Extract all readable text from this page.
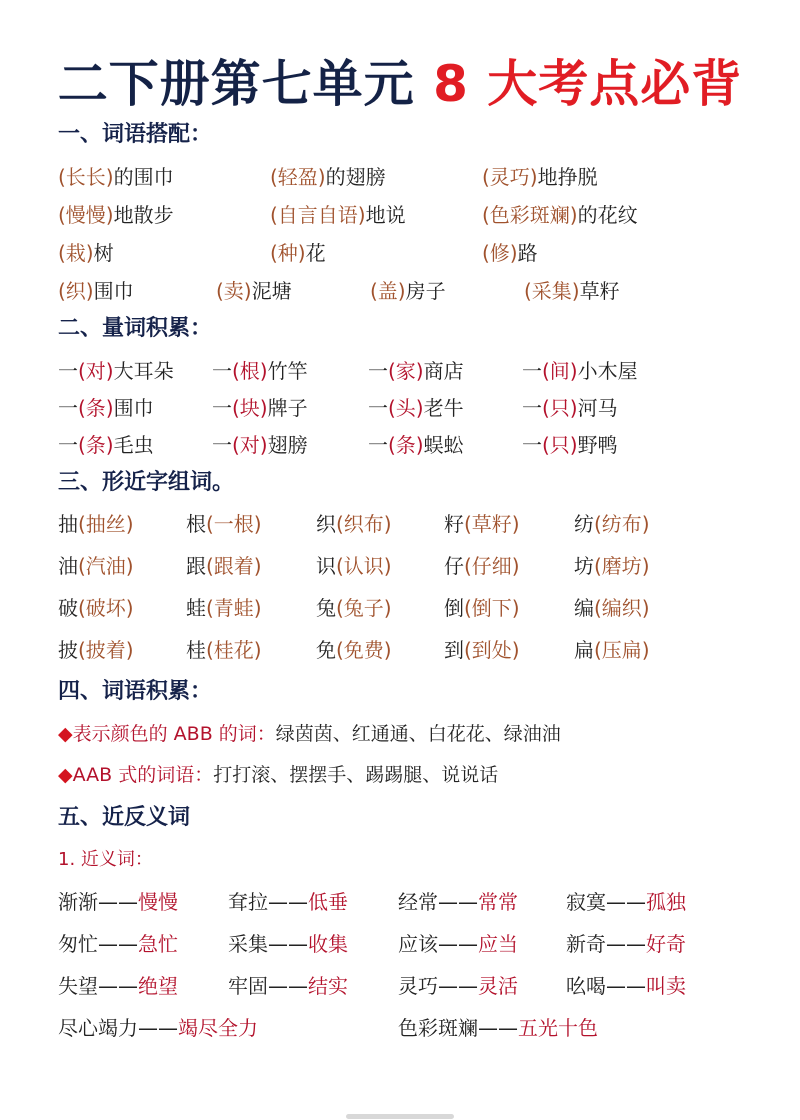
二下册第七单元 8 大考点必背
一、词语搭配：
(长长)的围巾	(轻盈)的翅膀	(灵巧)地挣脱
(慢慢)地散步	(自言自语)地说	(色彩斑斓)的花纹
(栽)树	(种)花	(修)路
(织)围巾	(卖)泥塘	(盖)房子	(采集)草籽
二、量词积累：
一(对)大耳朵 一(根)竹竿	一(家)商店	一(间)小木屋
一(条)围巾	一(块)牌子	一(头)老牛	一(只)河马
一(条)毛虫	一(对)翅膀	一(条)蜈蚣	一(只)野鸭
三、形近字组词。
抽(抽丝)	根(一根)	织(织布)	籽(草籽)	纺(纺布)
油(汽油)	跟(跟着)	识(认识)	仔(仔细)	坊(磨坊)
破(破坏)	蛙(青蛙)	兔(兔子)	倒(倒下)	编(编织)
披(披着)	桂(桂花)	免(免费)	到(到处)	扁(压扁)
四、词语积累：
◆表示颜色的 ABB 的词：绿茵茵、红通通、白花花、绿油油
◆AAB 式的词语：打打滚、摆摆手、踢踢腿、说说话
五、近反义词
1. 近义词：
渐渐——慢慢	耷拉——低垂	经常——常常 寂寞——孤独
匆忙——急忙	采集——收集	应该——应当 新奇——好奇
失望——绝望	牢固——结实	灵巧——灵活 吆喝——叫卖
尽心竭力——竭尽全力	色彩斑斓——五光十色
